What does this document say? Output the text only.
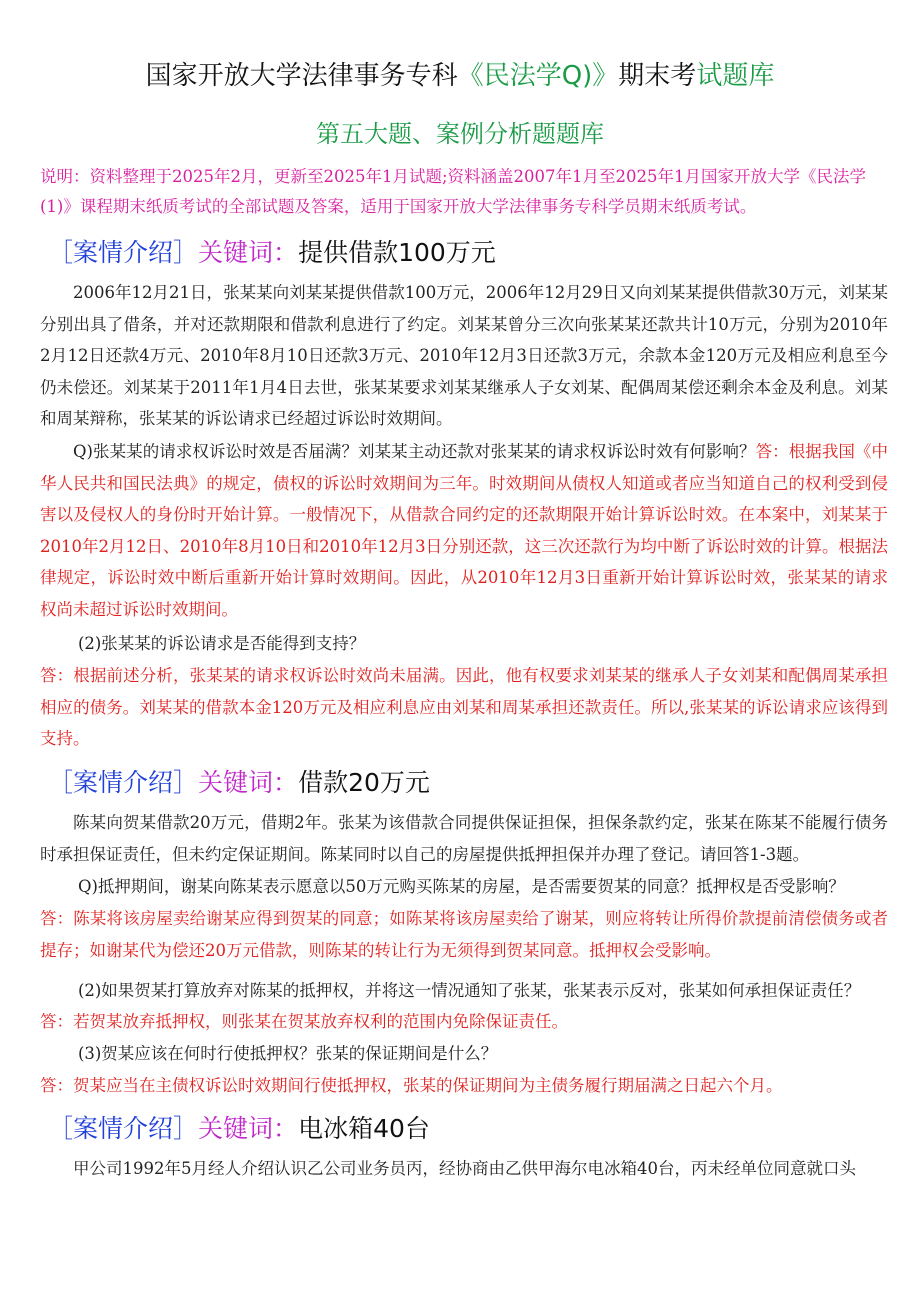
国家开放大学法律事务专科《民法学Q)》期末考试题库
第五大题、案例分析题题库
说明：资料整理于2025年2月，更新至2025年1月试题;资料涵盖2007年1月至2025年1月国家开放大学《民法学(1)》课程期末纸质考试的全部试题及答案，适用于国家开放大学法律事务专科学员期末纸质考试。
［案情介绍］关键词：提供借款100万元
2006年12月21日，张某某向刘某某提供借款100万元，2006年12月29日又向刘某某提供借款30万元，刘某某分别出具了借条，并对还款期限和借款利息进行了约定。刘某某曾分三次向张某某还款共计10万元，分别为2010年2月12日还款4万元、2010年8月10日还款3万元、2010年12月3日还款3万元，余款本金120万元及相应利息至今仍未偿还。刘某某于2011年1月4日去世，张某某要求刘某某继承人子女刘某、配偶周某偿还剩余本金及利息。刘某和周某辩称，张某某的诉讼请求已经超过诉讼时效期间。
Q)张某某的请求权诉讼时效是否届满？刘某某主动还款对张某某的请求权诉讼时效有何影响？答：根据我国《中华人民共和国民法典》的规定，债权的诉讼时效期间为三年。时效期间从债权人知道或者应当知道自己的权利受到侵害以及侵权人的身份时开始计算。一般情况下，从借款合同约定的还款期限开始计算诉讼时效。在本案中，刘某某于2010年2月12日、2010年8月10日和2010年12月3日分别还款，这三次还款行为均中断了诉讼时效的计算。根据法律规定，诉讼时效中断后重新开始计算时效期间。因此，从2010年12月3日重新开始计算诉讼时效，张某某的请求权尚未超过诉讼时效期间。
(2)张某某的诉讼请求是否能得到支持？
答：根据前述分析，张某某的请求权诉讼时效尚未届满。因此，他有权要求刘某某的继承人子女刘某和配偶周某承担相应的债务。刘某某的借款本金120万元及相应利息应由刘某和周某承担还款责任。所以,张某某的诉讼请求应该得到支持。
［案情介绍］关键词：借款20万元
陈某向贺某借款20万元，借期2年。张某为该借款合同提供保证担保，担保条款约定，张某在陈某不能履行债务时承担保证责任，但未约定保证期间。陈某同时以自己的房屋提供抵押担保并办理了登记。请回答1-3题。
Q)抵押期间，谢某向陈某表示愿意以50万元购买陈某的房屋，是否需要贺某的同意？抵押权是否受影响？
答：陈某将该房屋卖给谢某应得到贺某的同意；如陈某将该房屋卖给了谢某，则应将转让所得价款提前清偿债务或者提存；如谢某代为偿还20万元借款，则陈某的转让行为无须得到贺某同意。抵押权会受影响。
(2)如果贺某打算放弃对陈某的抵押权，并将这一情况通知了张某，张某表示反对，张某如何承担保证责任？
答：若贺某放弃抵押权，则张某在贺某放弃权利的范围内免除保证责任。
(3)贺某应该在何时行使抵押权？张某的保证期间是什么？
答：贺某应当在主债权诉讼时效期间行使抵押权，张某的保证期间为主债务履行期届满之日起六个月。
［案情介绍］关键词：电冰箱40台
甲公司1992年5月经人介绍认识乙公司业务员丙，经协商由乙供甲海尔电冰箱40台，丙未经单位同意就口头
